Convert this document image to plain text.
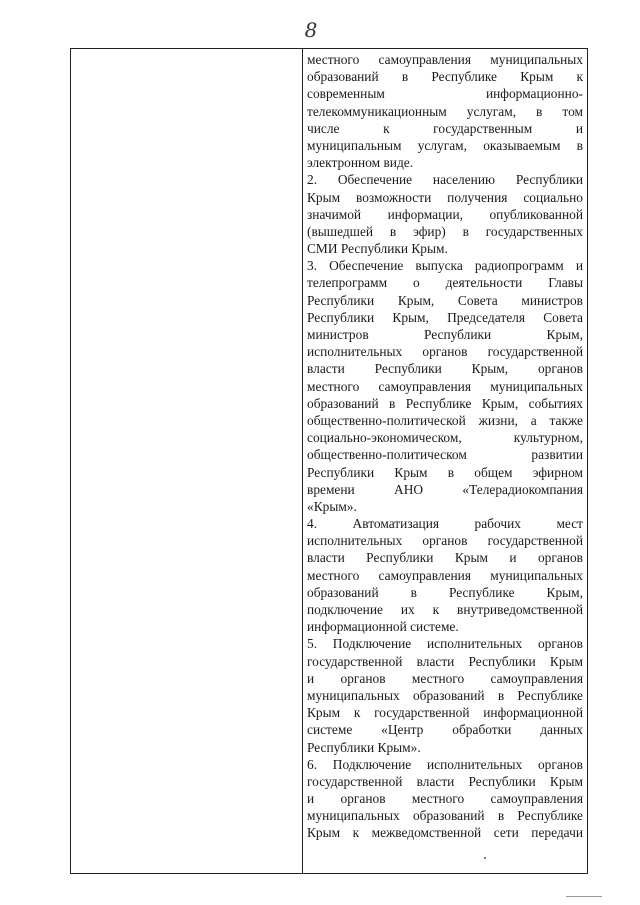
8
местного самоуправления муниципальных
образований в Республике Крым к
современным информационно-
телекоммуникационным услугам, в том
числе к государственным и
муниципальным услугам, оказываемым в
электронном виде.
2. Обеспечение населению Республики
Крым возможности получения социально
значимой информации, опубликованной
(вышедшей в эфир) в государственных
СМИ Республики Крым.
3. Обеспечение выпуска радиопрограмм и
телепрограмм о деятельности Главы
Республики Крым, Совета министров
Республики Крым, Председателя Совета
министров Республики Крым,
исполнительных органов государственной
власти Республики Крым, органов
местного самоуправления муниципальных
образований в Республике Крым, событиях
общественно-политической жизни, а также
социально-экономическом, культурном,
общественно-политическом развитии
Республики Крым в общем эфирном
времени АНО «Телерадиокомпания
«Крым».
4. Автоматизация рабочих мест
исполнительных органов государственной
власти Республики Крым и органов
местного самоуправления муниципальных
образований в Республике Крым,
подключение их к внутриведомственной
информационной системе.
5. Подключение исполнительных органов
государственной власти Республики Крым
и органов местного самоуправления
муниципальных образований в Республике
Крым к государственной информационной
системе «Центр обработки данных
Республики Крым».
6. Подключение исполнительных органов
государственной власти Республики Крым
и органов местного самоуправления
муниципальных образований в Республике
Крым к межведомственной сети передачи
